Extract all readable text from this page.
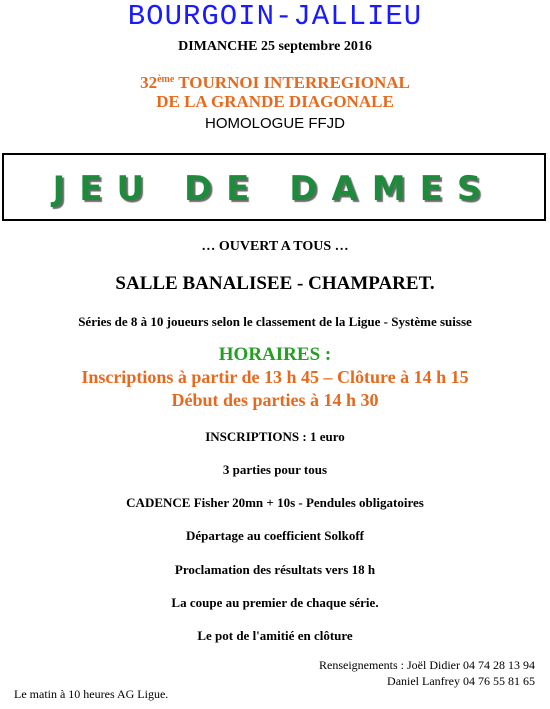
BOURGOIN-JALLIEU
DIMANCHE 25 septembre 2016
32ème TOURNOI INTERREGIONAL
DE LA GRANDE DIAGONALE
HOMOLOGUE FFJD
JEU DE DAMES
… OUVERT A TOUS …
SALLE BANALISEE - CHAMPARET.
Séries de 8 à 10 joueurs selon le classement de la Ligue - Système suisse
HORAIRES :
Inscriptions à partir de 13 h 45 – Clôture à 14 h 15
Début des parties à 14 h 30
INSCRIPTIONS : 1 euro
3 parties pour tous
CADENCE Fisher 20mn + 10s - Pendules obligatoires
Départage au coefficient Solkoff
Proclamation des résultats vers 18 h
La coupe au premier de chaque série.
Le pot de l'amitié en clôture
Renseignements : Joël Didier 04 74 28 13 94
Daniel Lanfrey 04 76 55 81 65
Le matin à 10 heures AG Ligue.
